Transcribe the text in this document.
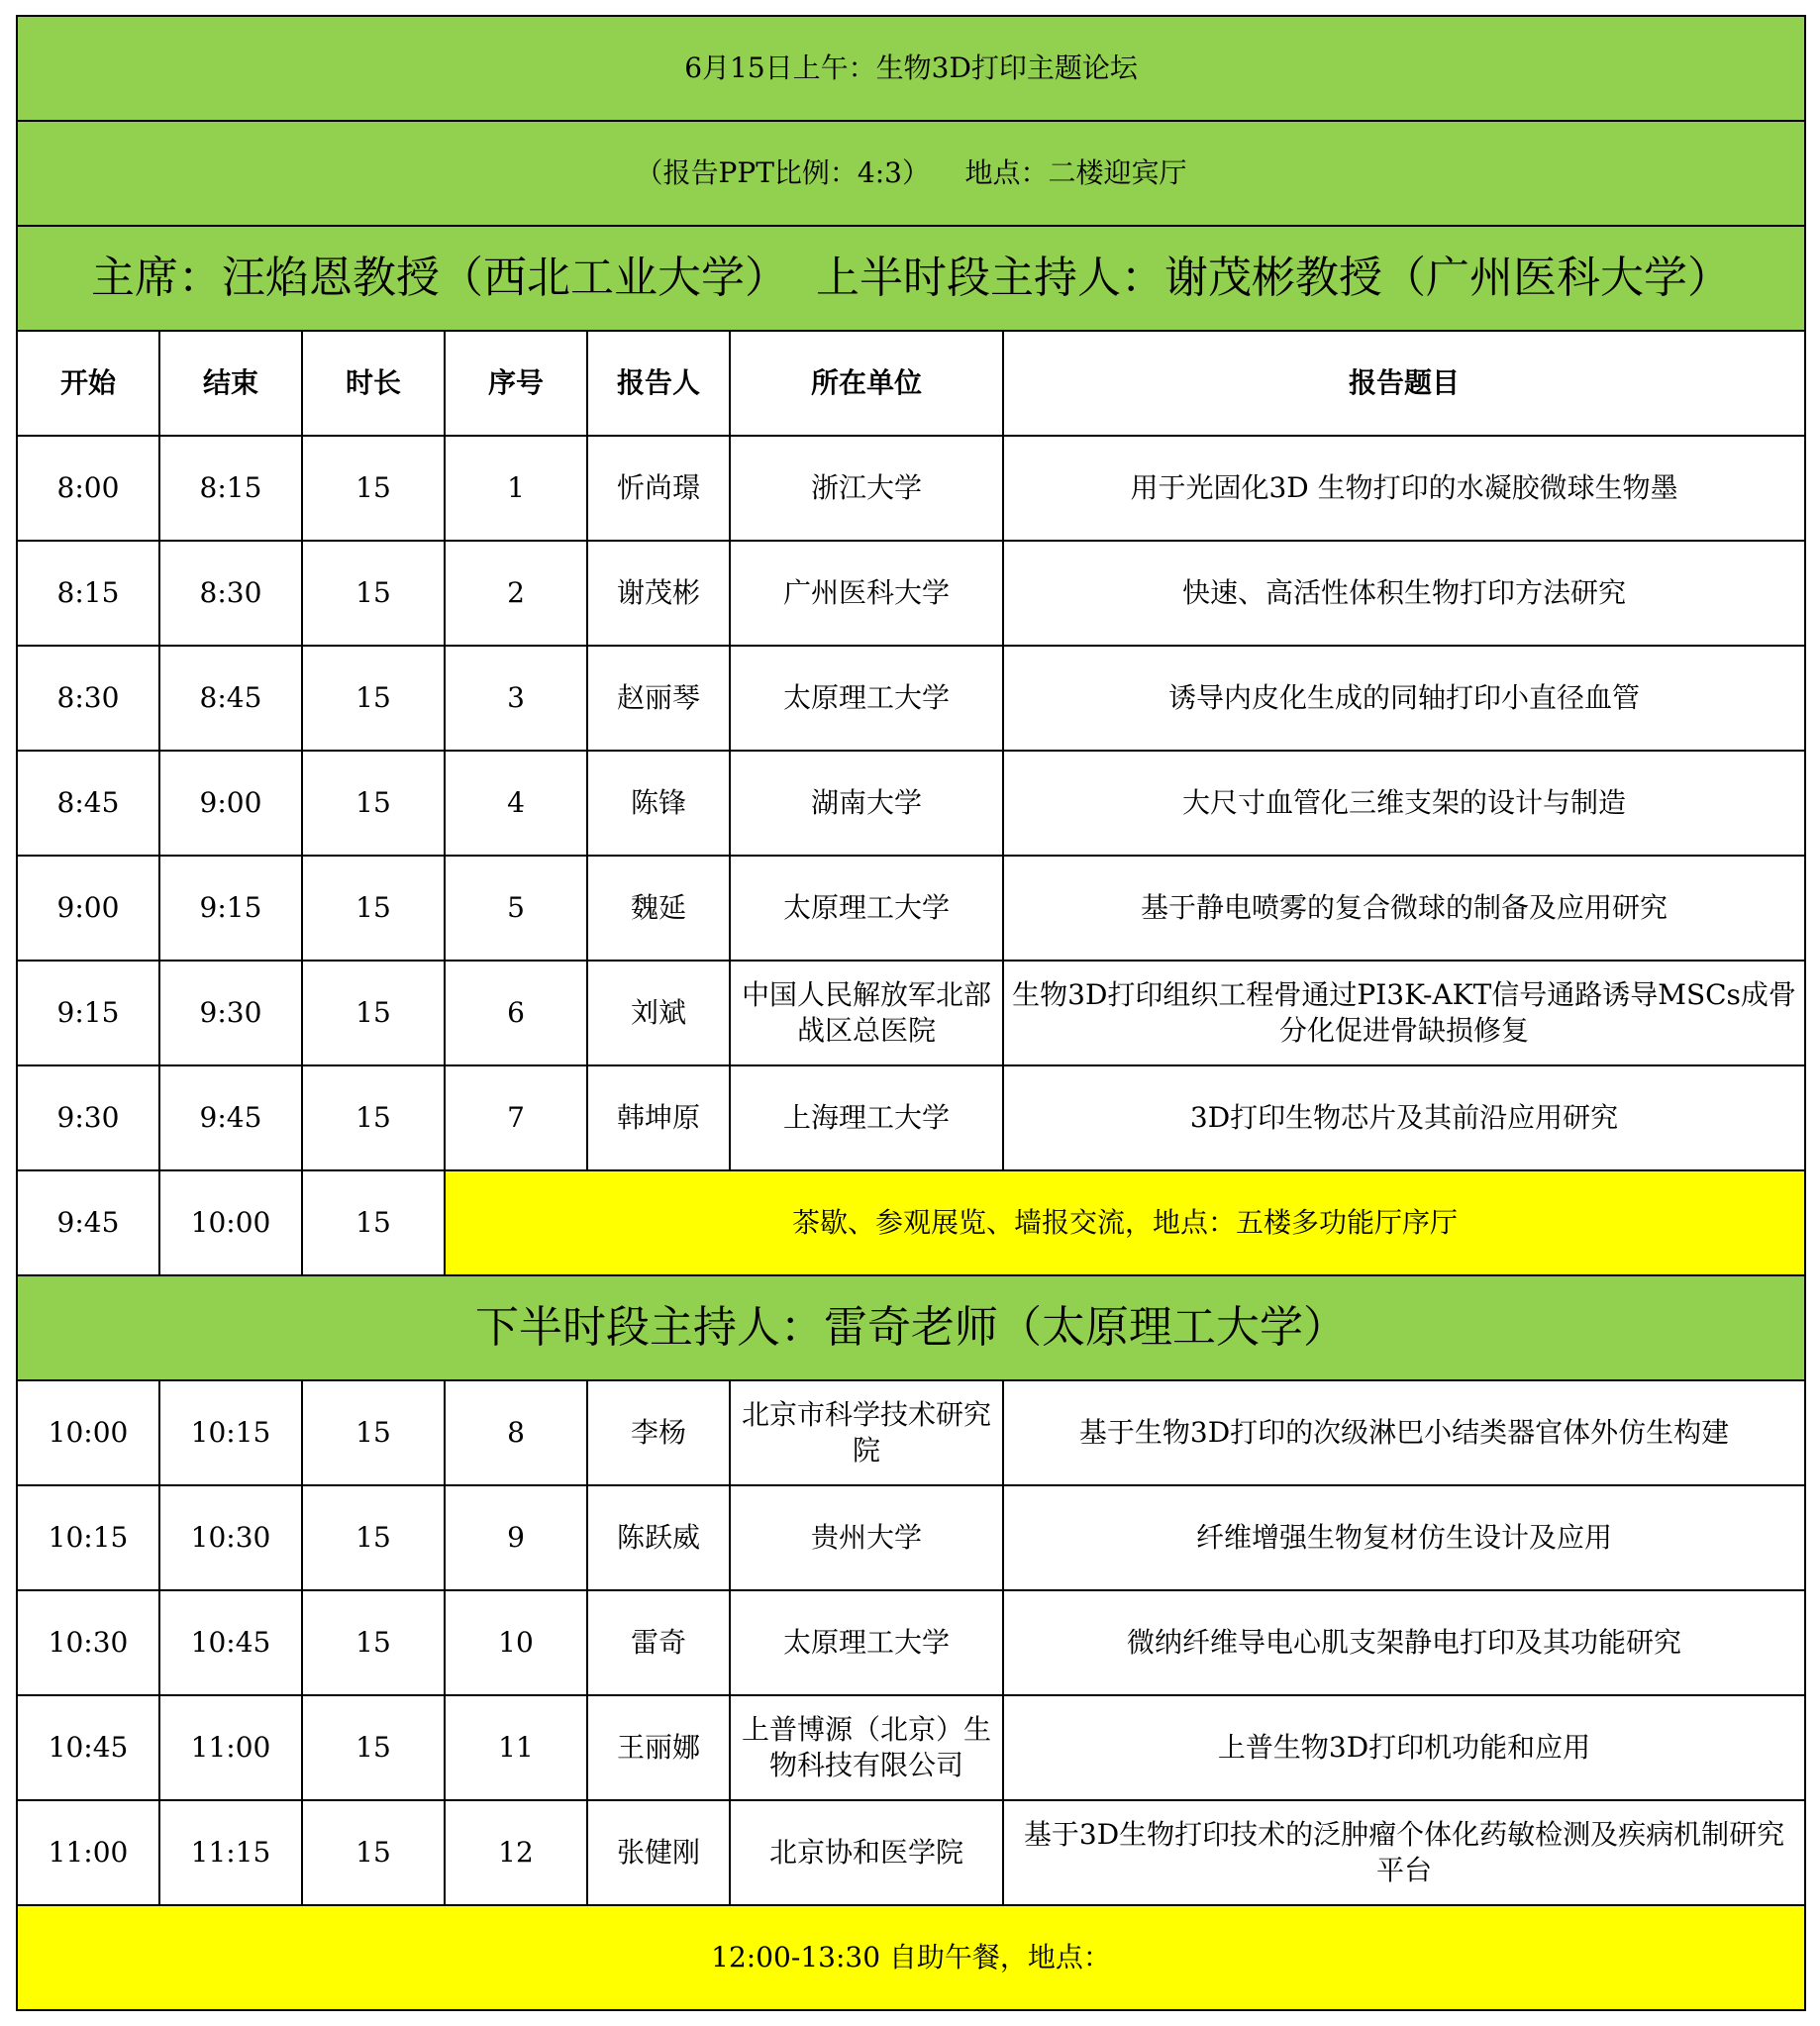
6月15日上午：生物3D打印主题论坛						
（报告PPT比例：4:3）    地点：二楼迎宾厅						
主席：汪焰恩教授（西北工业大学）  上半时段主持人：谢茂彬教授（广州医科大学）						
开始	结束	时长	序号	报告人	所在单位	报告题目
8:00	8:15	15	1	忻尚璟	浙江大学	用于光固化3D 生物打印的水凝胶微球生物墨
8:15	8:30	15	2	谢茂彬	广州医科大学	快速、高活性体积生物打印方法研究
8:30	8:45	15	3	赵丽琴	太原理工大学	诱导内皮化生成的同轴打印小直径血管
8:45	9:00	15	4	陈锋	湖南大学	大尺寸血管化三维支架的设计与制造
9:00	9:15	15	5	魏延	太原理工大学	基于静电喷雾的复合微球的制备及应用研究
9:15	9:30	15	6	刘斌	中国人民解放军北部战区总医院	生物3D打印组织工程骨通过PI3K-AKT信号通路诱导MSCs成骨分化促进骨缺损修复
9:30	9:45	15	7	韩坤原	上海理工大学	3D打印生物芯片及其前沿应用研究
9:45	10:00	15	茶歇、参观展览、墙报交流，地点：五楼多功能厅序厅			
下半时段主持人：雷奇老师（太原理工大学）						
10:00	10:15	15	8	李杨	北京市科学技术研究院	基于生物3D打印的次级淋巴小结类器官体外仿生构建
10:15	10:30	15	9	陈跃威	贵州大学	纤维增强生物复材仿生设计及应用
10:30	10:45	15	10	雷奇	太原理工大学	微纳纤维导电心肌支架静电打印及其功能研究
10:45	11:00	15	11	王丽娜	上普博源（北京）生物科技有限公司	上普生物3D打印机功能和应用
11:00	11:15	15	12	张健刚	北京协和医学院	基于3D生物打印技术的泛肿瘤个体化药敏检测及疾病机制研究平台
12:00-13:30 自助午餐，地点：						
